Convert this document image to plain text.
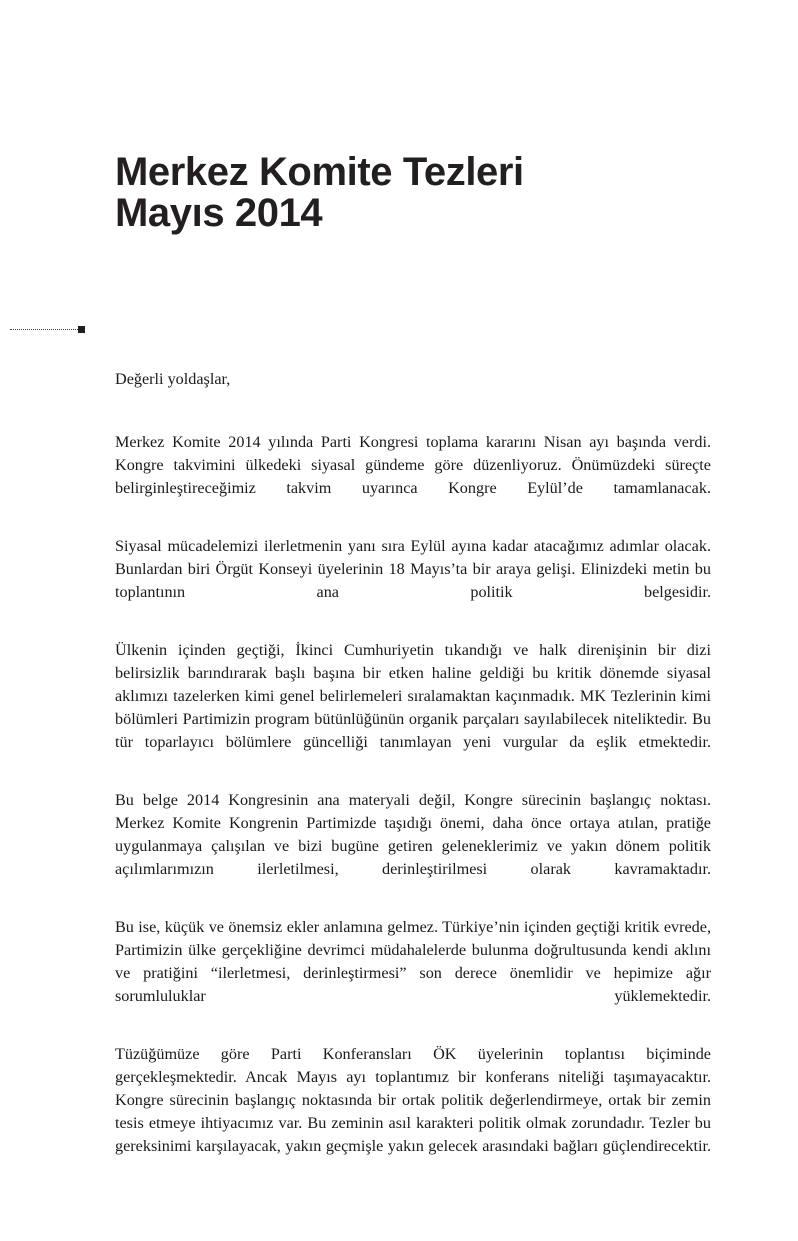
Merkez Komite Tezleri
Mayıs 2014

Değerli yoldaşlar,

Merkez Komite 2014 yılında Parti Kongresi toplama kararını Nisan ayı başında verdi. Kongre takvimini ülkedeki siyasal gündeme göre düzenliyoruz. Önümüzdeki süreçte belirginleştireceğimiz takvim uyarınca Kongre Eylül’de tamamlanacak.

Siyasal mücadelemizi ilerletmenin yanı sıra Eylül ayına kadar atacağımız adımlar olacak. Bunlardan biri Örgüt Konseyi üyelerinin 18 Mayıs’ta bir araya gelişi. Elinizdeki metin bu toplantının ana politik belgesidir.

Ülkenin içinden geçtiği, İkinci Cumhuriyetin tıkandığı ve halk direnişinin bir dizi belirsizlik barındırarak başlı başına bir etken haline geldiği bu kritik dönemde siyasal aklımızı tazelerken kimi genel belirlemeleri sıralamaktan kaçınmadık. MK Tezlerinin kimi bölümleri Partimizin program bütünlüğünün organik parçaları sayılabilecek niteliktedir. Bu tür toparlayıcı bölümlere güncelliği tanımlayan yeni vurgular da eşlik etmektedir.

Bu belge 2014 Kongresinin ana materyali değil, Kongre sürecinin başlangıç noktası. Merkez Komite Kongrenin Partimizde taşıdığı önemi, daha önce ortaya atılan, pratiğe uygulanmaya çalışılan ve bizi bugüne getiren geleneklerimiz ve yakın dönem politik açılımlarımızın ilerletilmesi, derinleştirilmesi olarak kavramaktadır.

Bu ise, küçük ve önemsiz ekler anlamına gelmez. Türkiye’nin içinden geçtiği kritik evrede, Partimizin ülke gerçekliğine devrimci müdahalelerde bulunma doğrultusunda kendi aklını ve pratiğini “ilerletmesi, derinleştirmesi” son derece önemlidir ve hepimize ağır sorumluluklar yüklemektedir.

Tüzüğümüze göre Parti Konferansları ÖK üyelerinin toplantısı biçiminde gerçekleşmektedir. Ancak Mayıs ayı toplantımız bir konferans niteliği taşımayacaktır. Kongre sürecinin başlangıç noktasında bir ortak politik değerlendirmeye, ortak bir zemin tesis etmeye ihtiyacımız var. Bu zeminin asıl karakteri politik olmak zorundadır. Tezler bu gereksinimi karşılayacak, yakın geçmişle yakın gelecek arasındaki bağları güçlendirecektir.
